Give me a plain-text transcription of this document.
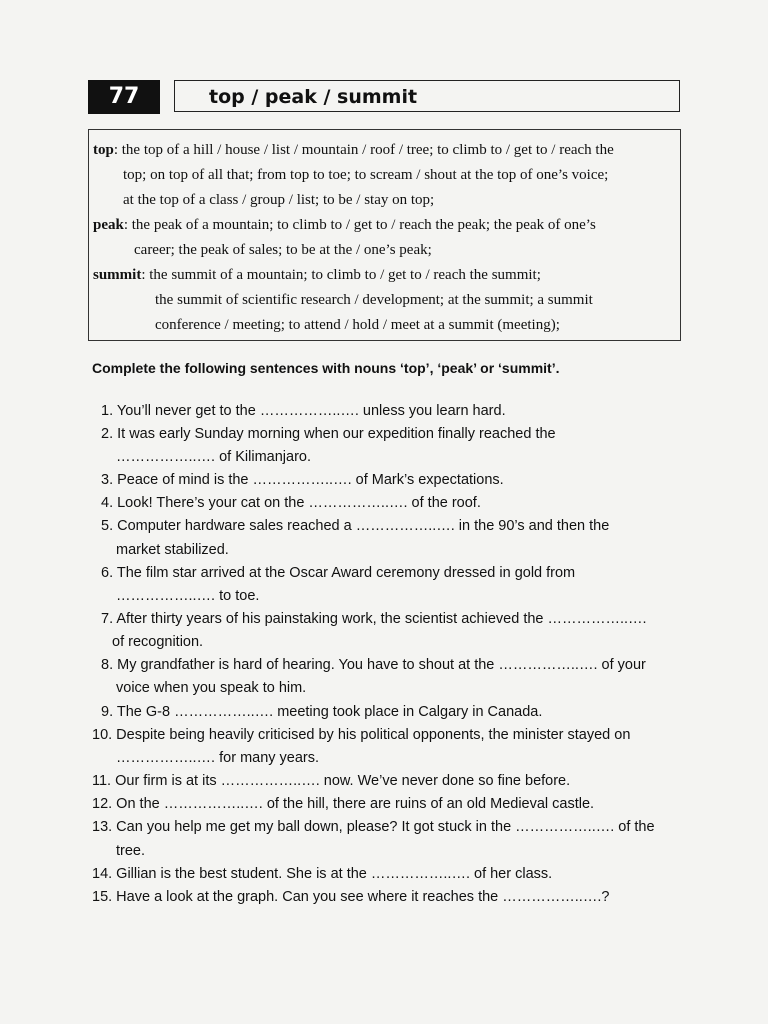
77	top / peak / summit
top: the top of a hill / house / list / mountain / roof / tree; to climb to / get to / reach the
top; on top of all that; from top to toe; to scream / shout at the top of one’s voice;
at the top of a class / group / list; to be / stay on top;
peak: the peak of a mountain; to climb to / get to / reach the peak; the peak of one’s
career; the peak of sales; to be at the / one’s peak;
summit: the summit of a mountain; to climb to / get to / reach the summit;
the summit of scientific research / development; at the summit; a summit
conference / meeting; to attend / hold / meet at a summit (meeting);
Complete the following sentences with nouns ‘top’, ‘peak’ or ‘summit’.
1. You’ll never get to the ……………..…. unless you learn hard.
2. It was early Sunday morning when our expedition finally reached the
……………..…. of Kilimanjaro.
3. Peace of mind is the ……………..…. of Mark’s expectations.
4. Look! There’s your cat on the ……………..…. of the roof.
5. Computer hardware sales reached a ……………..…. in the 90’s and then the
market stabilized.
6. The film star arrived at the Oscar Award ceremony dressed in gold from
……………..…. to toe.
7. After thirty years of his painstaking work, the scientist achieved the ……………..….
of recognition.
8. My grandfather is hard of hearing. You have to shout at the ……………..…. of your
voice when you speak to him.
9. The G-8 ……………..…. meeting took place in Calgary in Canada.
10. Despite being heavily criticised by his political opponents, the minister stayed on
……………..…. for many years.
11. Our firm is at its ……………..…. now. We’ve never done so fine before.
12. On the ……………..…. of the hill, there are ruins of an old Medieval castle.
13. Can you help me get my ball down, please? It got stuck in the ……………..…. of the
tree.
14. Gillian is the best student. She is at the ……………..…. of her class.
15. Have a look at the graph. Can you see where it reaches the ……………..….?
